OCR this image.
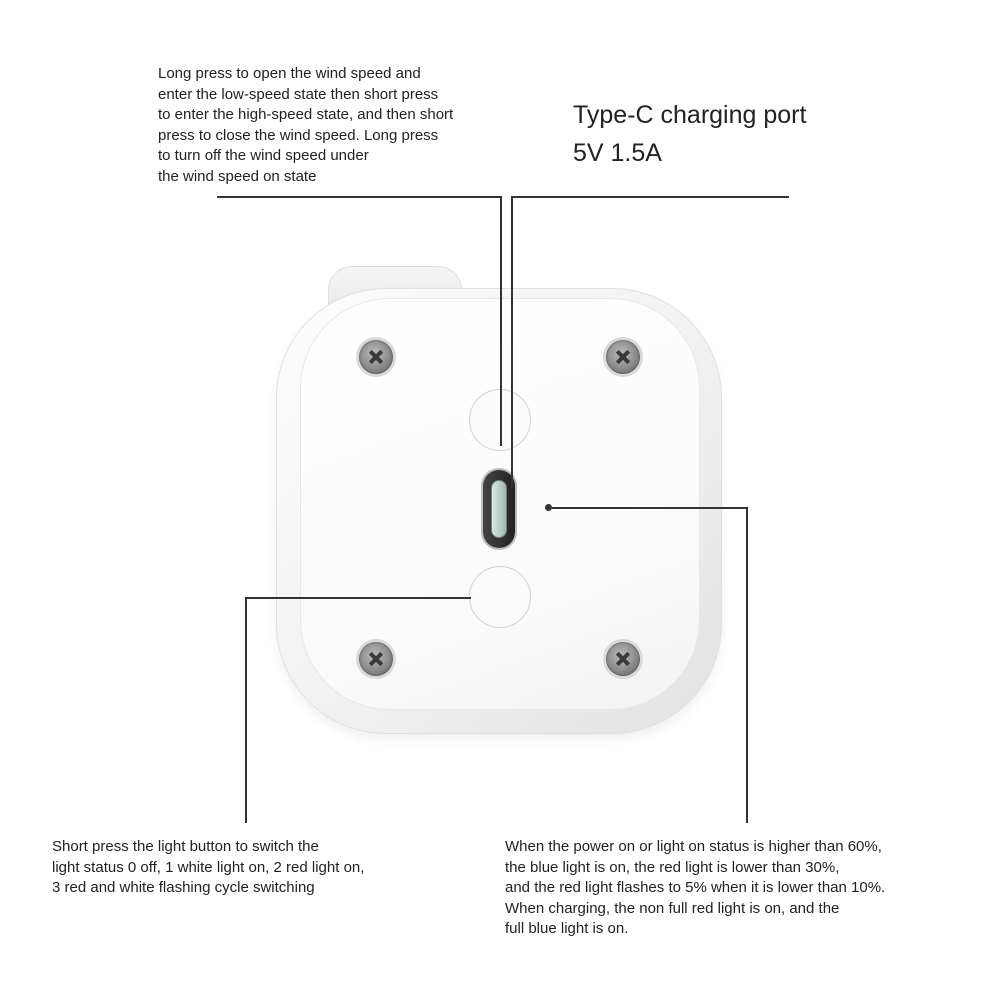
Long press to open the wind speed and
enter the low-speed state then short press
to enter the high-speed state, and then short
press to close the wind speed. Long press
to turn off the wind speed under
the wind speed on state
Type-C charging port
5V 1.5A
Short press the light button to switch the
light status 0 off, 1 white light on, 2 red light on,
3 red and white flashing cycle switching
When the power on or light on status is higher than 60%,
the blue light is on, the red light is lower than 30%,
and the red light flashes to 5% when it is lower than 10%.
When charging, the non full red light is on, and the
full blue light is on.
